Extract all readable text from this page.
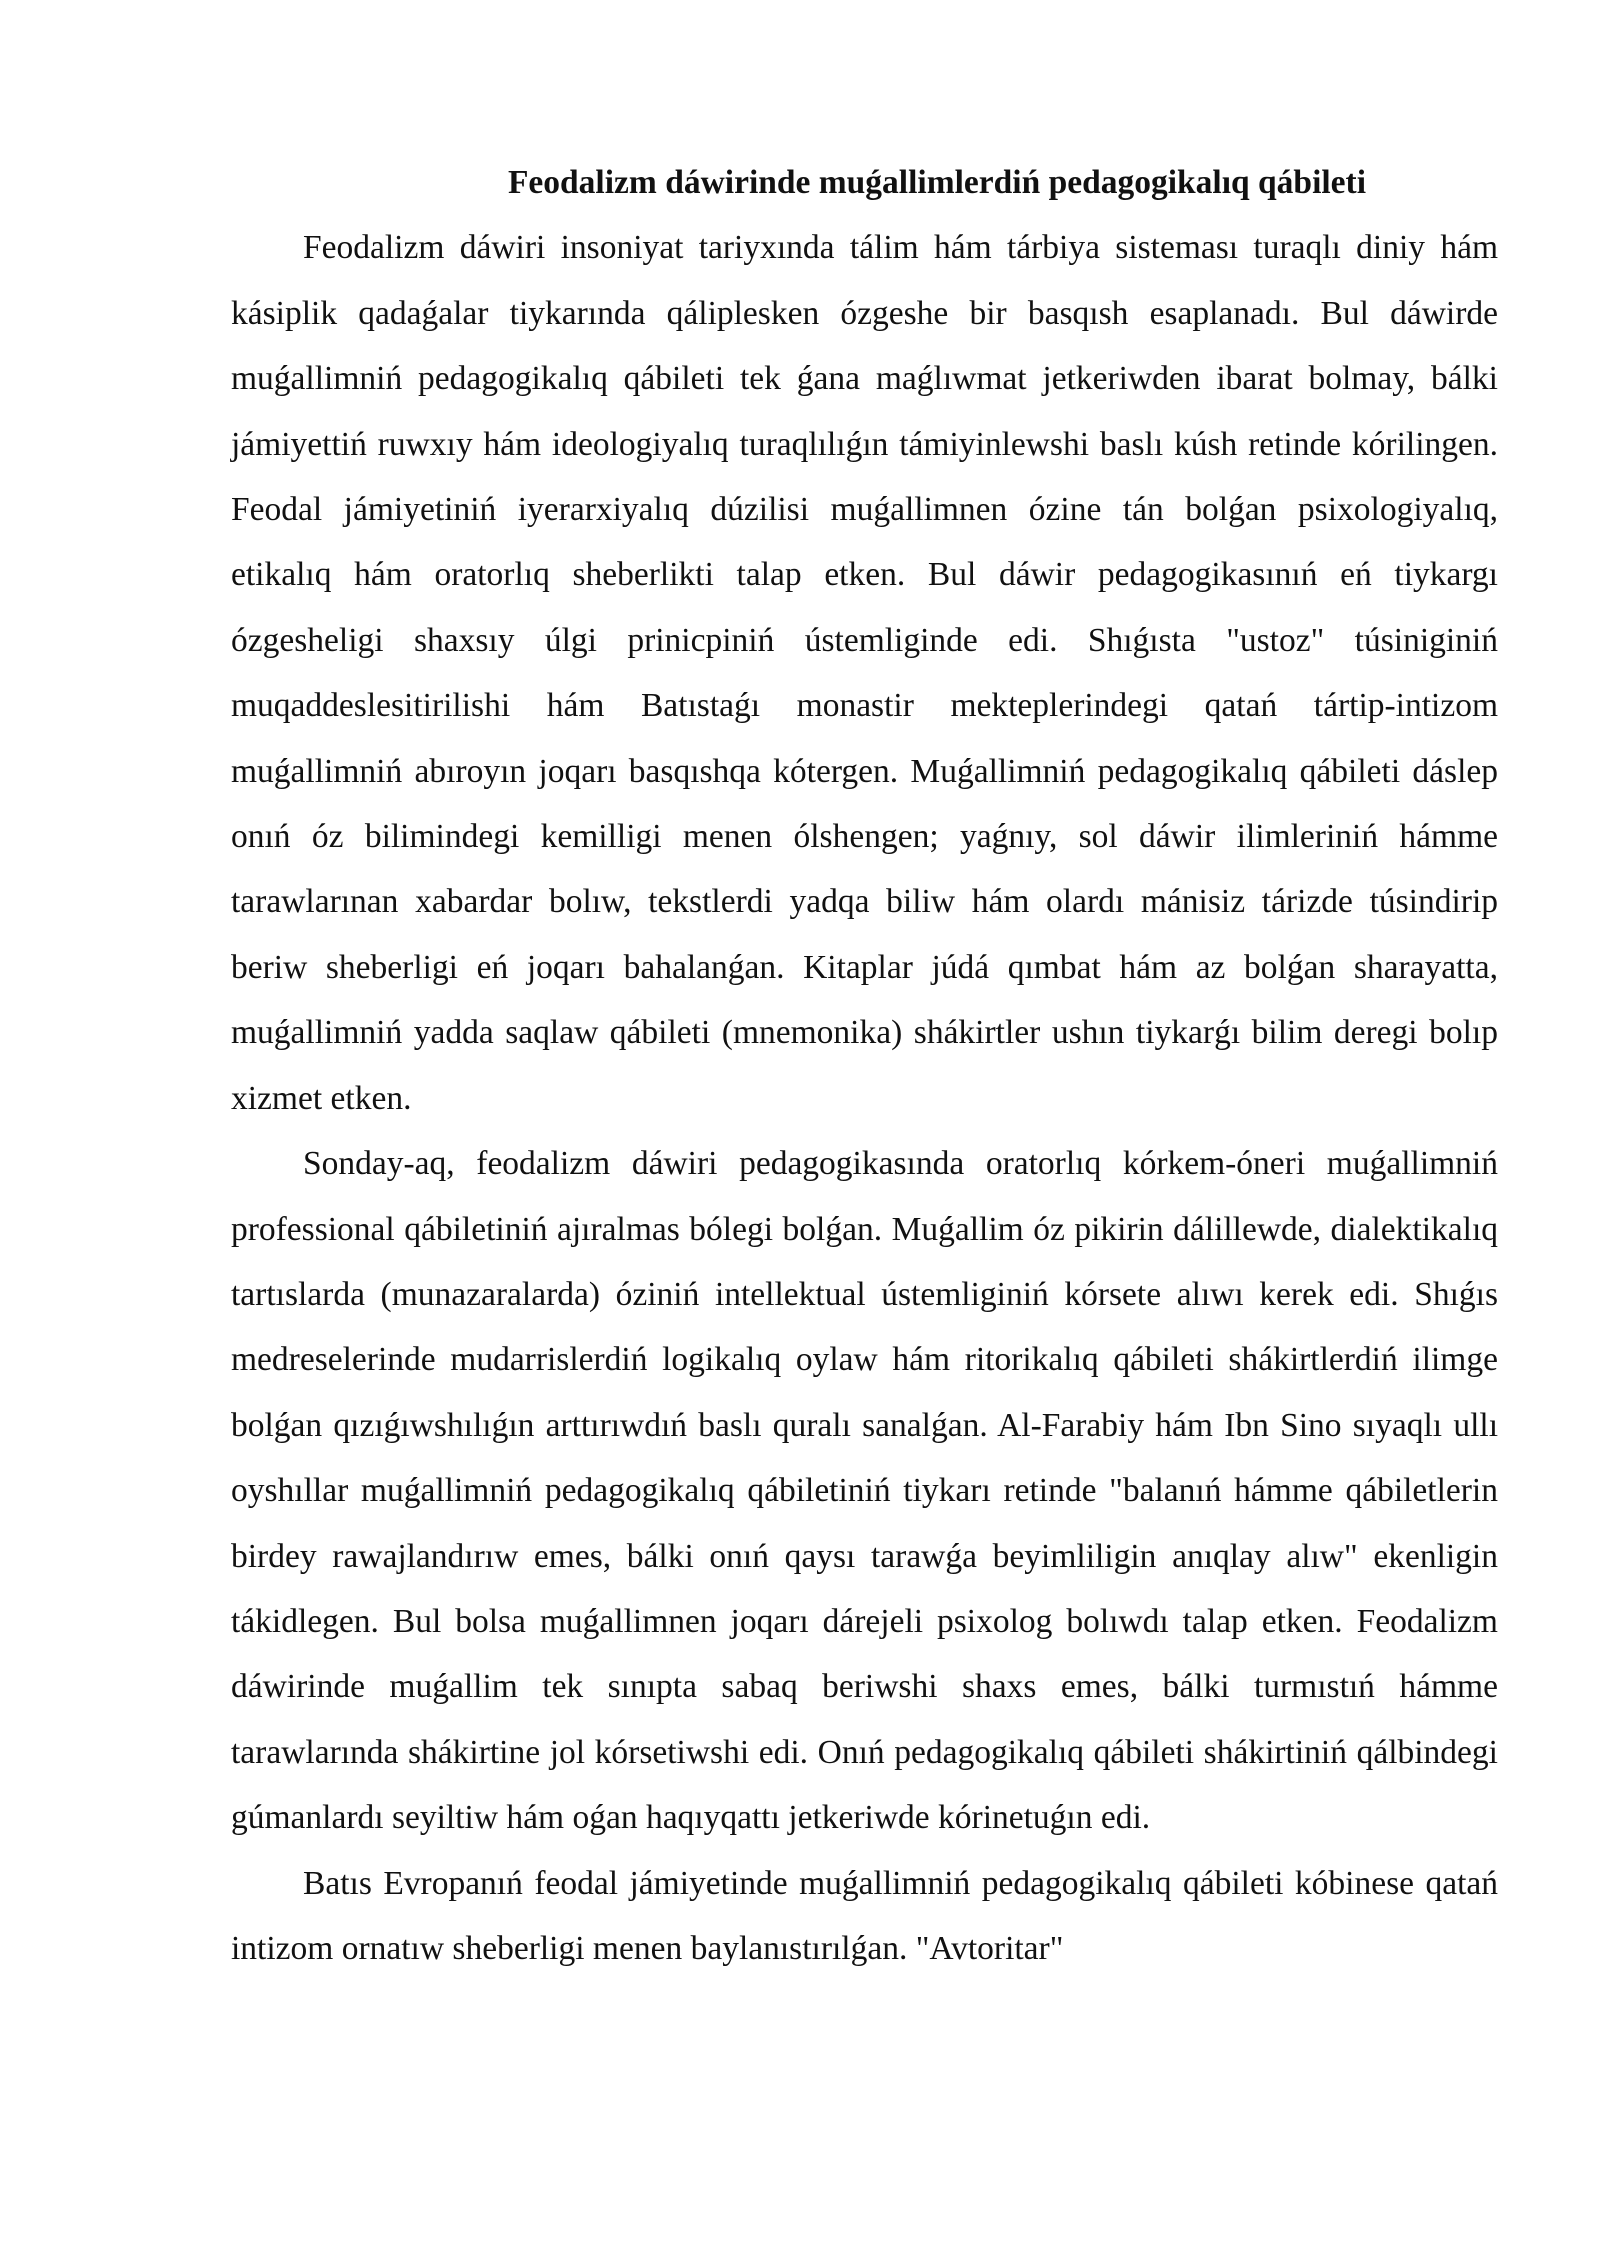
Feodalizm dáwirinde muǵallimlerdiń pedagogikalıq qábileti

Feodalizm dáwiri insoniyat tariyxında tálim hám tárbiya sisteması turaqlı diniy hám kásiplik qadaǵalar tiykarında qáliplesken ózgeshe bir basqısh esaplanadı. Bul dáwirde muǵallimniń pedagogikalıq qábileti tek ǵana maǵlıwmat jetkeriwden ibarat bolmay, bálki jámiyettiń ruwxıy hám ideologiyalıq turaqlılıǵın támiyinlewshi baslı kúsh retinde kórilingen. Feodal jámiyetiniń iyerarxiyalıq dúzilisi muǵallimnen ózine tán bolǵan psixologiyalıq, etikalıq hám oratorlıq sheberlikti talap etken. Bul dáwir pedagogikasınıń eń tiykargı ózgesheligi shaxsıy úlgi prinicpiniń ústemliginde edi. Shıǵısta "ustoz" túsiniginiń muqaddeslesitirilishi hám Batıstaǵı monastir mekteplerindegi qatań tártip-intizom muǵallimniń abıroyın joqarı basqıshqa kótergen. Muǵallimniń pedagogikalıq qábileti dáslep onıń óz bilimindegi kemilligi menen ólshengen; yaǵnıy, sol dáwir ilimleriniń hámme tarawlarınan xabardar bolıw, tekstlerdi yadqa biliw hám olardı mánisiz tárizde túsindirip beriw sheberligi eń joqarı bahalanǵan. Kitaplar júdá qımbat hám az bolǵan sharayatta, muǵallimniń yadda saqlaw qábileti (mnemonika) shákirtler ushın tiykarǵı bilim deregi bolıp xizmet etken.

Sonday-aq, feodalizm dáwiri pedagogikasında oratorlıq kórkem-óneri muǵallimniń professional qábiletiniń ajıralmas bólegi bolǵan. Muǵallim óz pikirin dálillewde, dialektikalıq tartıslarda (munazaralarda) óziniń intellektual ústemliginiń kórsete alıwı kerek edi. Shıǵıs medreselerinde mudarrislerdiń logikalıq oylaw hám ritorikalıq qábileti shákirtlerdiń ilimge bolǵan qızıǵıwshılıǵın arttırıwdıń baslı quralı sanalǵan. Al-Farabiy hám Ibn Sino sıyaqlı ullı oyshıllar muǵallimniń pedagogikalıq qábiletiniń tiykarı retinde "balanıń hámme qábiletlerin birdey rawajlandırıw emes, bálki onıń qaysı tarawǵa beyimliligin anıqlay alıw" ekenligin tákidlegen. Bul bolsa muǵallimnen joqarı dárejeli psixolog bolıwdı talap etken. Feodalizm dáwirinde muǵallim tek sınıpta sabaq beriwshi shaxs emes, bálki turmıstıń hámme tarawlarında shákirtine jol kórsetiwshi edi. Onıń pedagogikalıq qábileti shákirtiniń qálbindegi gúmanlardı seyiltiw hám oǵan haqıyqattı jetkeriwde kórinetuǵın edi.

Batıs Evropanıń feodal jámiyetinde muǵallimniń pedagogikalıq qábileti kóbinese qatań intizom ornatıw sheberligi menen baylanıstırılǵan. "Avtoritar"
